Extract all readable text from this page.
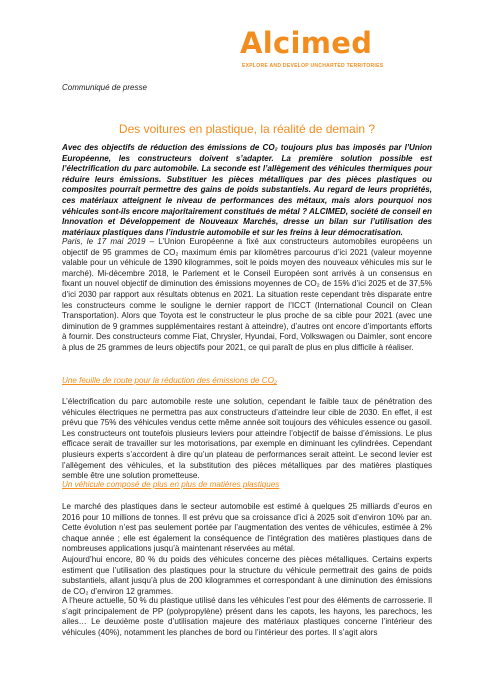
Alcimed
EXPLORE AND DEVELOP UNCHARTED TERRITORIES
Communiqué de presse
Des voitures en plastique, la réalité de demain ?
Avec des objectifs de réduction des émissions de CO₂ toujours plus bas imposés par l’Union Européenne, les constructeurs doivent s’adapter. La première solution possible est l’électrification du parc automobile. La seconde est l’allègement des véhicules thermiques pour réduire leurs émissions. Substituer les pièces métalliques par des pièces plastiques ou composites pourrait permettre des gains de poids substantiels. Au regard de leurs propriétés, ces matériaux atteignent le niveau de performances des métaux, mais alors pourquoi nos véhicules sont-ils encore majoritairement constitués de métal ? ALCIMED, société de conseil en Innovation et Développement de Nouveaux Marchés, dresse un bilan sur l’utilisation des matériaux plastiques dans l’industrie automobile et sur les freins à leur démocratisation.
Paris, le 17 mai 2019 – L’Union Européenne a fixé aux constructeurs automobiles européens un objectif de 95 grammes de CO₂ maximum émis par kilomètres parcourus d’ici 2021 (valeur moyenne valable pour un véhicule de 1390 kilogrammes, soit le poids moyen des nouveaux véhicules mis sur le marché). Mi-décembre 2018, le Parlement et le Conseil Européen sont arrivés à un consensus en fixant un nouvel objectif de diminution des émissions moyennes de CO₂ de 15% d’ici 2025 et de 37,5% d’ici 2030 par rapport aux résultats obtenus en 2021. La situation reste cependant très disparate entre les constructeurs comme le souligne le dernier rapport de l’ICCT (International Council on Clean Transportation). Alors que Toyota est le constructeur le plus proche de sa cible pour 2021 (avec une diminution de 9 grammes supplémentaires restant à atteindre), d’autres ont encore d’importants efforts à fournir. Des constructeurs comme Fiat, Chrysler, Hyundai, Ford, Volkswagen ou Daimler, sont encore à plus de 25 grammes de leurs objectifs pour 2021, ce qui paraît de plus en plus difficile à réaliser.
Une feuille de route pour la réduction des émissions de CO₂
L’électrification du parc automobile reste une solution, cependant le faible taux de pénétration des véhicules électriques ne permettra pas aux constructeurs d’atteindre leur cible de 2030. En effet, il est prévu que 75% des véhicules vendus cette même année soit toujours des véhicules essence ou gasoil. Les constructeurs ont toutefois plusieurs leviers pour atteindre l’objectif de baisse d’émissions. Le plus efficace serait de travailler sur les motorisations, par exemple en diminuant les cylindrées. Cependant plusieurs experts s’accordent à dire qu’un plateau de performances serait atteint. Le second levier est l’allègement des véhicules, et la substitution des pièces métalliques par des matières plastiques semble être une solution prometteuse.
Un véhicule composé de plus en plus de matières plastiques
Le marché des plastiques dans le secteur automobile est estimé à quelques 25 milliards d’euros en 2016 pour 10 millions de tonnes. Il est prévu que sa croissance d’ici à 2025 soit d’environ 10% par an. Cette évolution n’est pas seulement portée par l’augmentation des ventes de véhicules, estimée à 2% chaque année ; elle est également la conséquence de l’intégration des matières plastiques dans de nombreuses applications jusqu’à maintenant réservées au métal.
Aujourd’hui encore, 80 % du poids des véhicules concerne des pièces métalliques. Certains experts estiment que l’utilisation des plastiques pour la structure du véhicule permettrait des gains de poids substantiels, allant jusqu’à plus de 200 kilogrammes et correspondant à une diminution des émissions de CO₂ d’environ 12 grammes.
A l’heure actuelle, 50 % du plastique utilisé dans les véhicules l’est pour des éléments de carrosserie. Il s’agit principalement de PP (polypropylène) présent dans les capots, les hayons, les parechocs, les ailes… Le deuxième poste d’utilisation majeure des matériaux plastiques concerne l’intérieur des véhicules (40%), notamment les planches de bord ou l’intérieur des portes. Il s’agit alors
